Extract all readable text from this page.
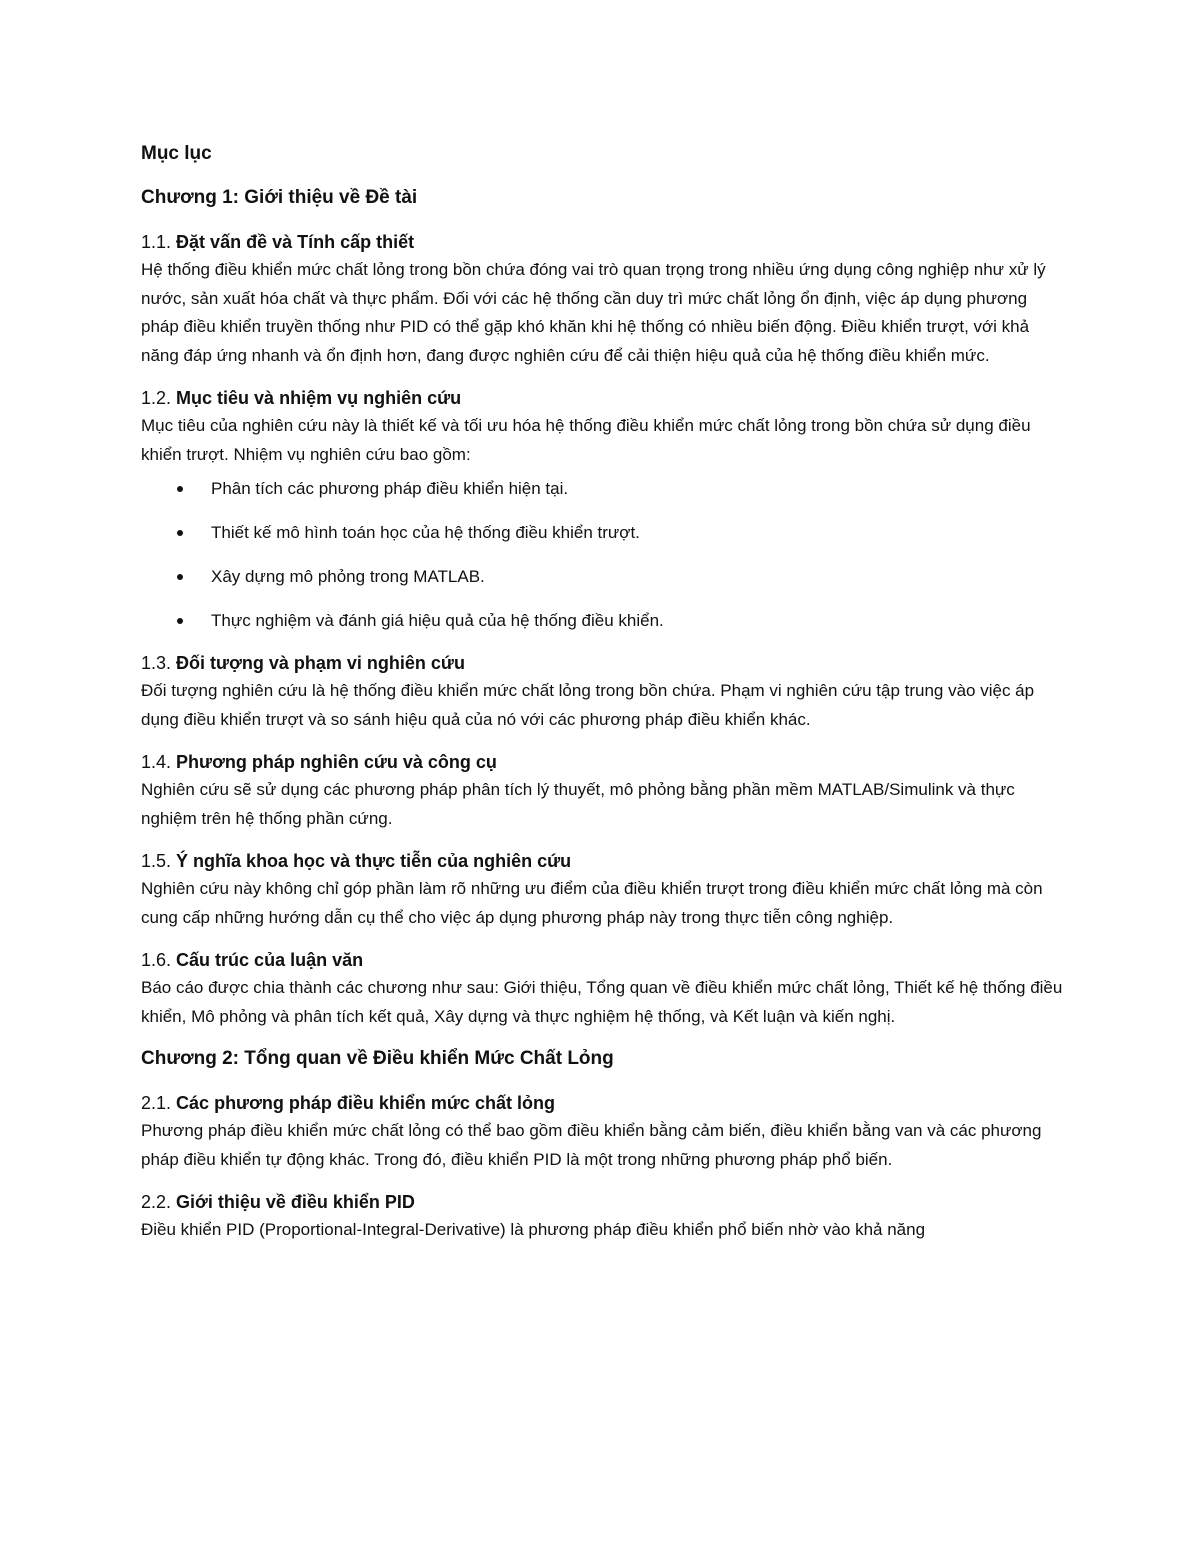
Mục lục
Chương 1: Giới thiệu về Đề tài
1.1. Đặt vấn đề và Tính cấp thiết

Hệ thống điều khiển mức chất lỏng trong bồn chứa đóng vai trò quan trọng trong nhiều ứng dụng công nghiệp như xử lý nước, sản xuất hóa chất và thực phẩm. Đối với các hệ thống cần duy trì mức chất lỏng ổn định, việc áp dụng phương pháp điều khiển truyền thống như PID có thể gặp khó khăn khi hệ thống có nhiều biến động. Điều khiển trượt, với khả năng đáp ứng nhanh và ổn định hơn, đang được nghiên cứu để cải thiện hiệu quả của hệ thống điều khiển mức.

1.2. Mục tiêu và nhiệm vụ nghiên cứu

Mục tiêu của nghiên cứu này là thiết kế và tối ưu hóa hệ thống điều khiển mức chất lỏng trong bồn chứa sử dụng điều khiển trượt. Nhiệm vụ nghiên cứu bao gồm:

Phân tích các phương pháp điều khiển hiện tại.
Thiết kế mô hình toán học của hệ thống điều khiển trượt.
Xây dựng mô phỏng trong MATLAB.
Thực nghiệm và đánh giá hiệu quả của hệ thống điều khiển.
1.3. Đối tượng và phạm vi nghiên cứu

Đối tượng nghiên cứu là hệ thống điều khiển mức chất lỏng trong bồn chứa. Phạm vi nghiên cứu tập trung vào việc áp dụng điều khiển trượt và so sánh hiệu quả của nó với các phương pháp điều khiển khác.

1.4. Phương pháp nghiên cứu và công cụ

Nghiên cứu sẽ sử dụng các phương pháp phân tích lý thuyết, mô phỏng bằng phần mềm MATLAB/Simulink và thực nghiệm trên hệ thống phần cứng.

1.5. Ý nghĩa khoa học và thực tiễn của nghiên cứu

Nghiên cứu này không chỉ góp phần làm rõ những ưu điểm của điều khiển trượt trong điều khiển mức chất lỏng mà còn cung cấp những hướng dẫn cụ thể cho việc áp dụng phương pháp này trong thực tiễn công nghiệp.

1.6. Cấu trúc của luận văn

Báo cáo được chia thành các chương như sau: Giới thiệu, Tổng quan về điều khiển mức chất lỏng, Thiết kế hệ thống điều khiển, Mô phỏng và phân tích kết quả, Xây dựng và thực nghiệm hệ thống, và Kết luận và kiến nghị.

Chương 2: Tổng quan về Điều khiển Mức Chất Lỏng
2.1. Các phương pháp điều khiển mức chất lỏng

Phương pháp điều khiển mức chất lỏng có thể bao gồm điều khiển bằng cảm biến, điều khiển bằng van và các phương pháp điều khiển tự động khác. Trong đó, điều khiển PID là một trong những phương pháp phổ biến.

2.2. Giới thiệu về điều khiển PID

Điều khiển PID (Proportional-Integral-Derivative) là phương pháp điều khiển phổ biến nhờ vào khả năng
